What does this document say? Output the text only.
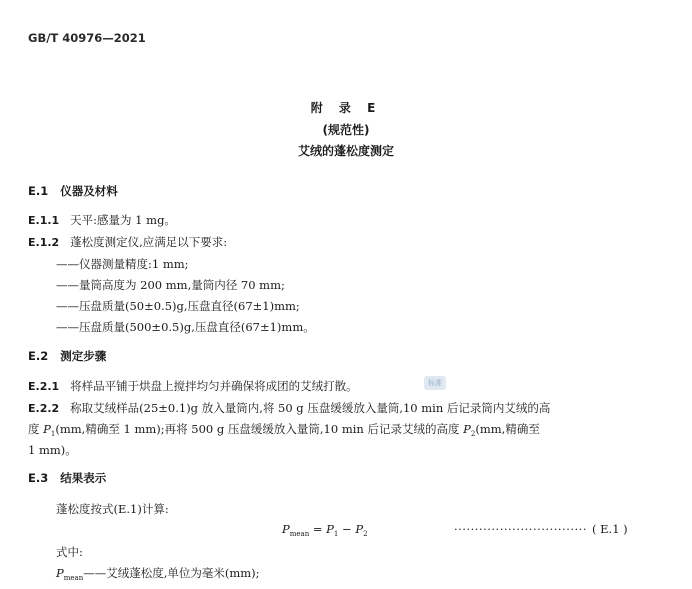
GB/T 40976—2021
附 录 E
(规范性)
艾绒的蓬松度测定
E.1 仪器及材料
E.1.1 天平:感量为 1 mg。
E.1.2 蓬松度测定仪,应满足以下要求:
——仪器测量精度:1 mm;
——量筒高度为 200 mm,量筒内径 70 mm;
——压盘质量(50±0.5)g,压盘直径(67±1)mm;
——压盘质量(500±0.5)g,压盘直径(67±1)mm。
E.2 测定步骤
E.2.1 将样品平铺于烘盘上搅拌均匀并确保将成团的艾绒打散。	标准
E.2.2 称取艾绒样品(25±0.1)g 放入量筒内,将 50 g 压盘缓缓放入量筒,10 min 后记录筒内艾绒的高
度 $P_1(mm$,精确至 1 mm);再将 500 g 压盘缓缓放入量筒,10 min 后记录艾绒的高度 $P_2(mm$,精确至
1 mm)。
E.3 结果表示
蓬松度按式(E.1)计算:
$P_{mean} = P_1 - P_2$	································ ( E.1 )
式中:
$P_{mean}——$艾绒蓬松度,单位为毫米(mm);
